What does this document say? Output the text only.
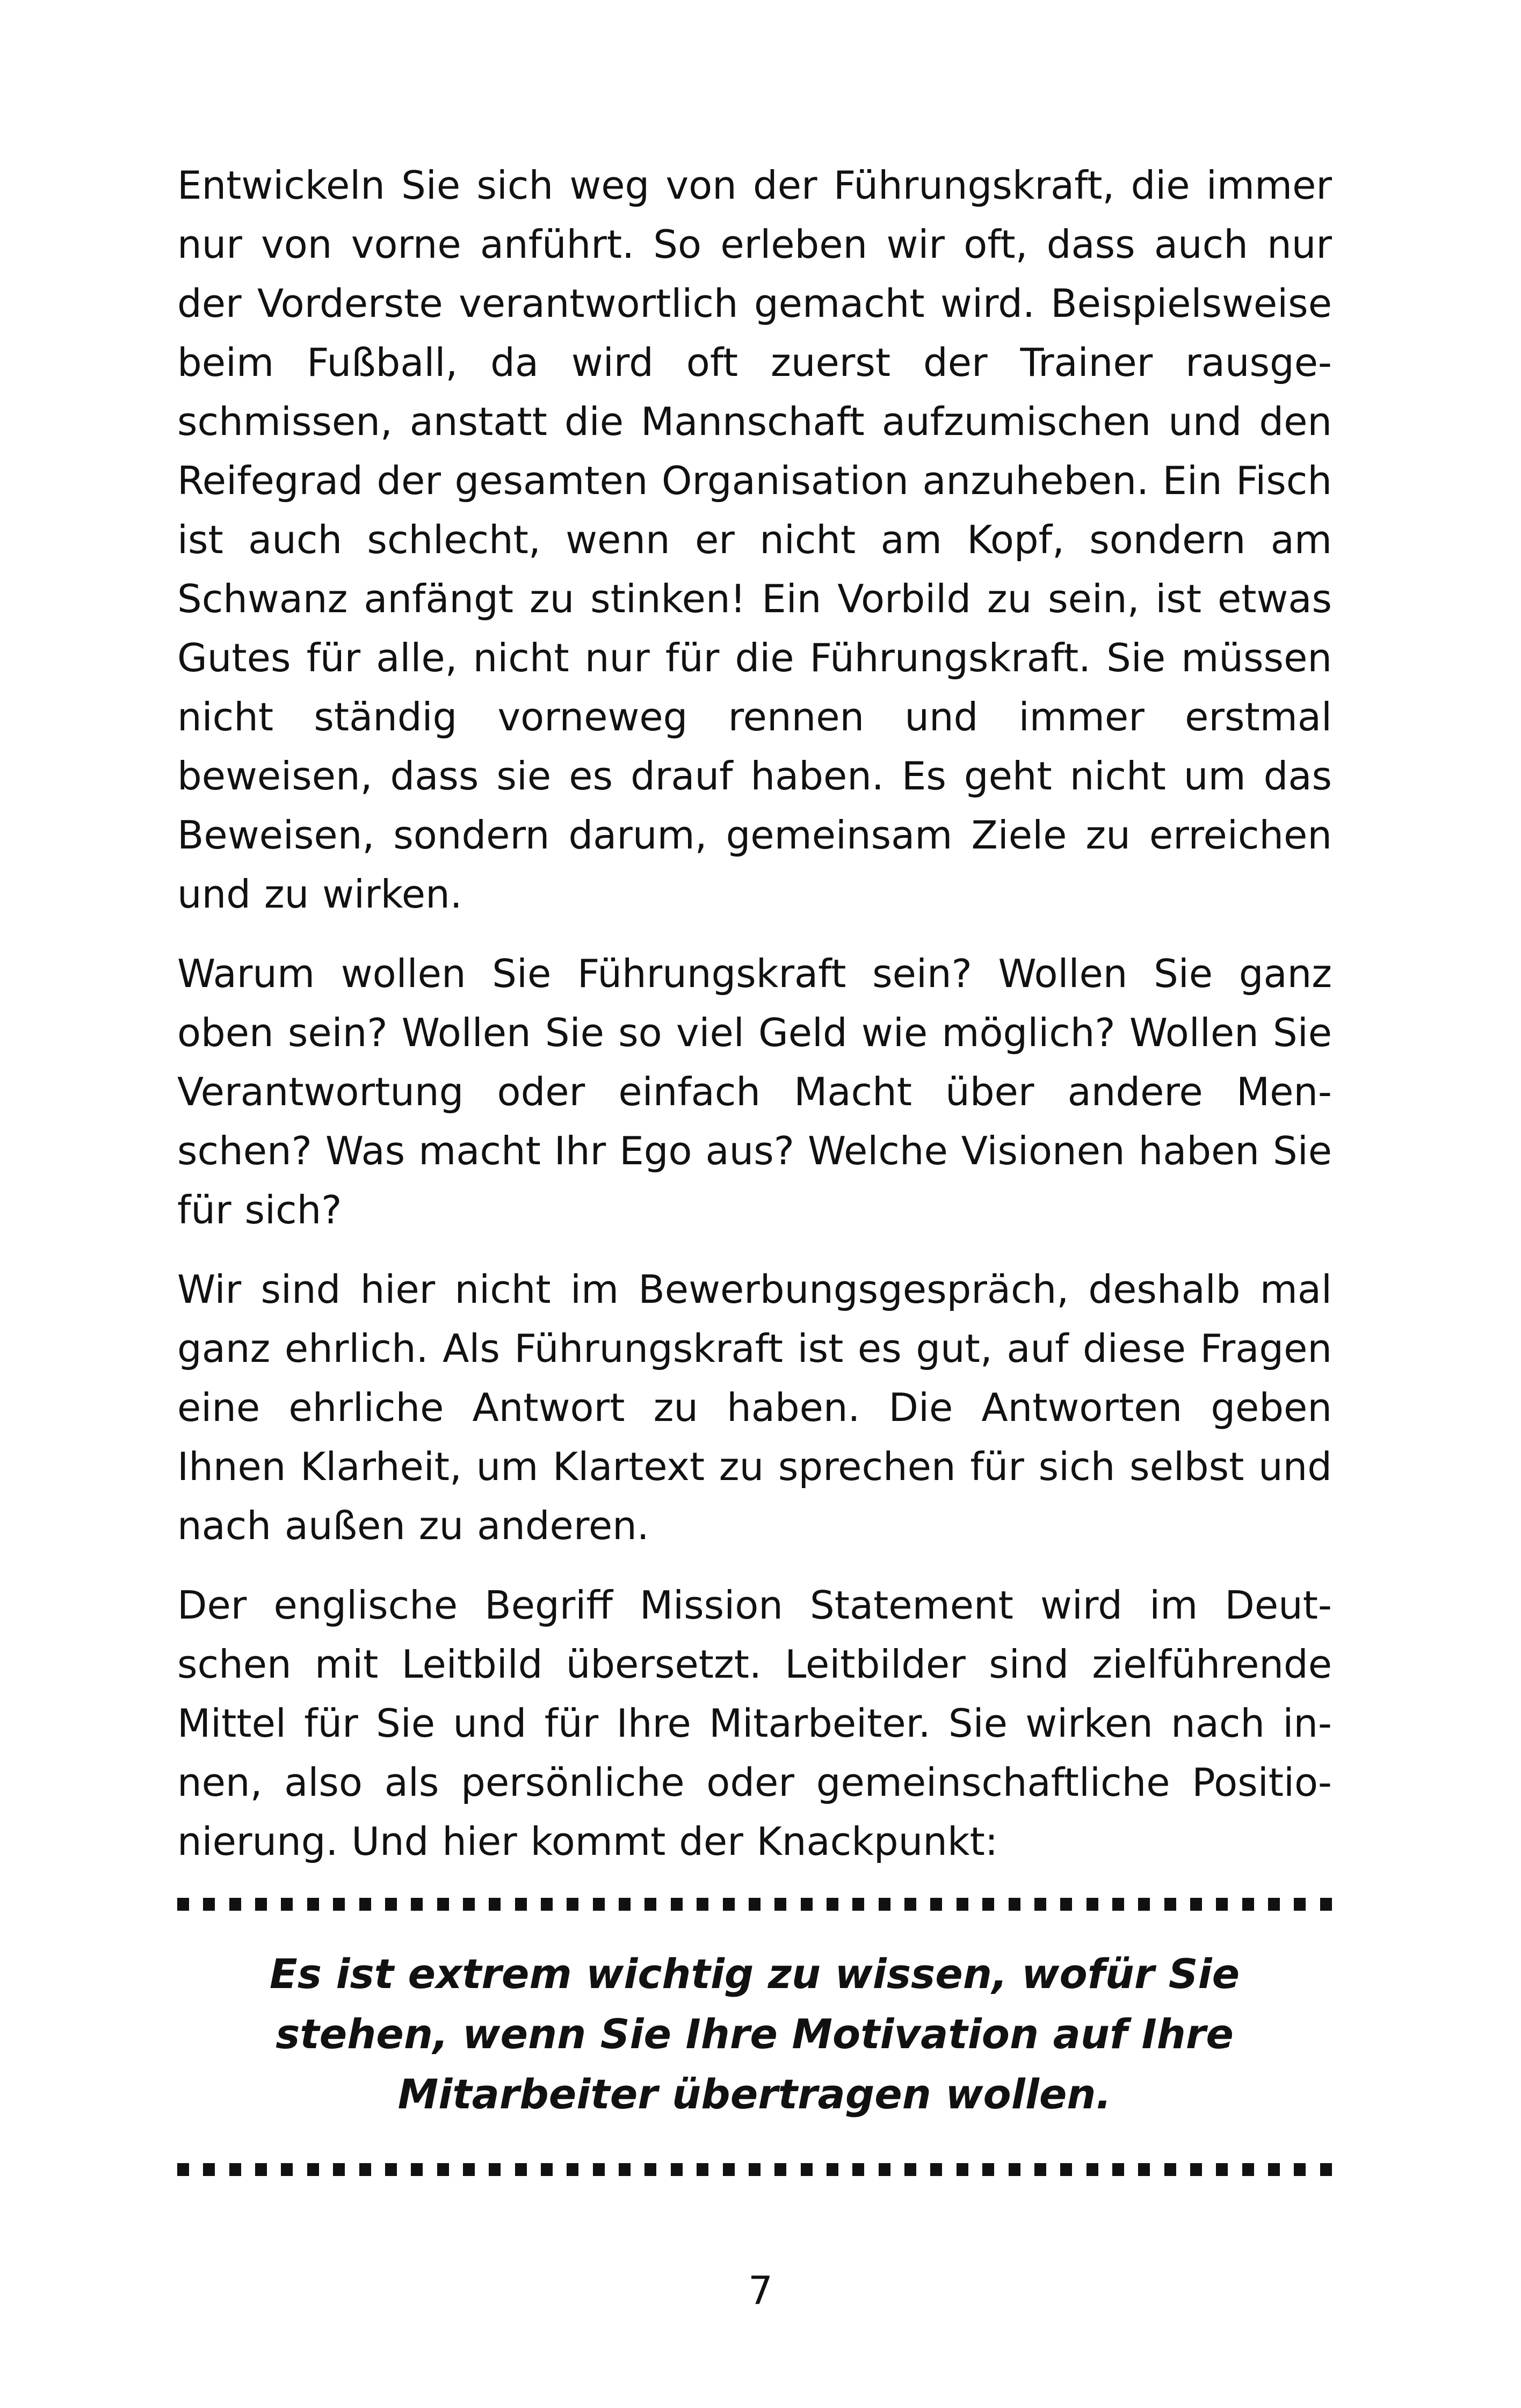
Entwickeln Sie sich weg von der Führungskraft, die immer nur von vorne anführt. So erleben wir oft, dass auch nur der Vorderste verantwortlich gemacht wird. Beispielsweise beim Fußball, da wird oft zuerst der Trainer rausgeschmissen, anstatt die Mannschaft aufzumischen und den Reifegrad der gesamten Organisation anzuheben. Ein Fisch ist auch schlecht, wenn er nicht am Kopf, sondern am Schwanz anfängt zu stinken! Ein Vorbild zu sein, ist etwas Gutes für alle, nicht nur für die Führungskraft. Sie müssen nicht ständig vorneweg rennen und immer erstmal beweisen, dass sie es drauf haben. Es geht nicht um das Beweisen, sondern darum, gemeinsam Ziele zu erreichen und zu wirken.

Warum wollen Sie Führungskraft sein? Wollen Sie ganz oben sein? Wollen Sie so viel Geld wie möglich? Wollen Sie Verantwortung oder einfach Macht über andere Menschen? Was macht Ihr Ego aus? Welche Visionen haben Sie für sich?

Wir sind hier nicht im Bewerbungsgespräch, deshalb mal ganz ehrlich. Als Führungskraft ist es gut, auf diese Fragen eine ehrliche Antwort zu haben. Die Antworten geben Ihnen Klarheit, um Klartext zu sprechen für sich selbst und nach außen zu anderen.

Der englische Begriff Mission Statement wird im Deutschen mit Leitbild übersetzt. Leitbilder sind zielführende Mittel für Sie und für Ihre Mitarbeiter. Sie wirken nach innen, also als persönliche oder gemeinschaftliche Positionierung. Und hier kommt der Knackpunkt:

Es ist extrem wichtig zu wissen, wofür Sie stehen, wenn Sie Ihre Motivation auf Ihre Mitarbeiter übertragen wollen.
7
